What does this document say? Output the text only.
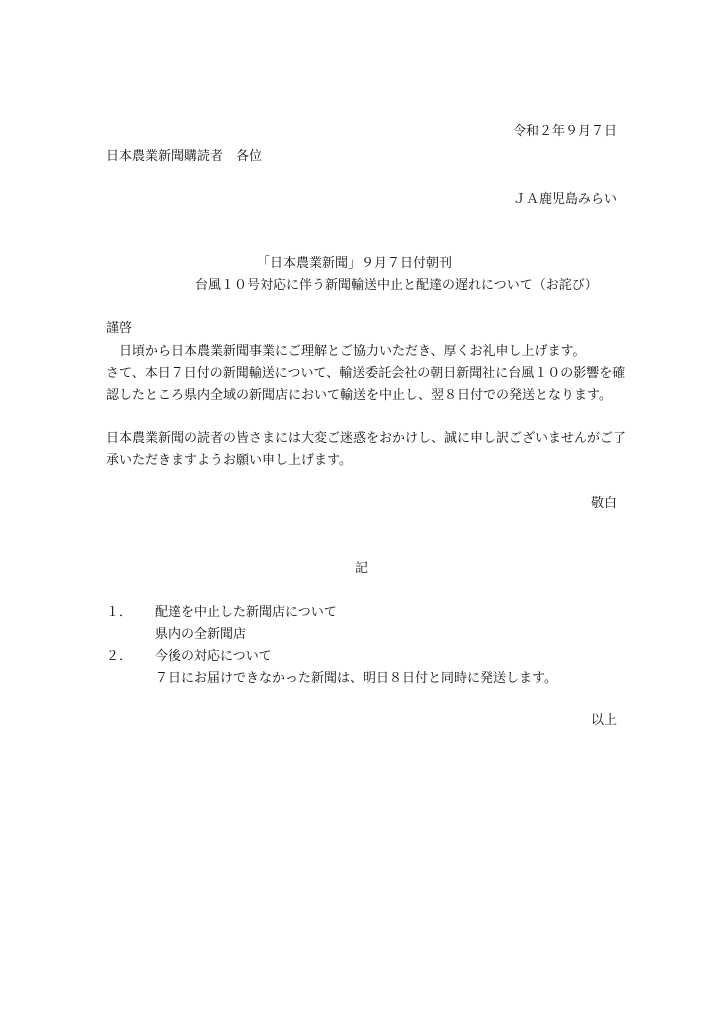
令和２年９月７日
日本農業新聞購読者　各位
ＪＡ鹿児島みらい
「日本農業新聞」９月７日付朝刊
台風１０号対応に伴う新聞輸送中止と配達の遅れについて（お詫び）
謹啓
　日頃から日本農業新聞事業にご理解とご協力いただき、厚くお礼申し上げます。
さて、本日７日付の新聞輸送について、輸送委託会社の朝日新聞社に台風１０の影響を確
認したところ県内全域の新聞店において輸送を中止し、翌８日付での発送となります。
日本農業新聞の読者の皆さまには大変ご迷惑をおかけし、誠に申し訳ございませんがご了
承いただきますようお願い申し上げます。
敬白
記
１． 配達を中止した新聞店について
県内の全新聞店
２． 今後の対応について
７日にお届けできなかった新聞は、明日８日付と同時に発送します。
以上
